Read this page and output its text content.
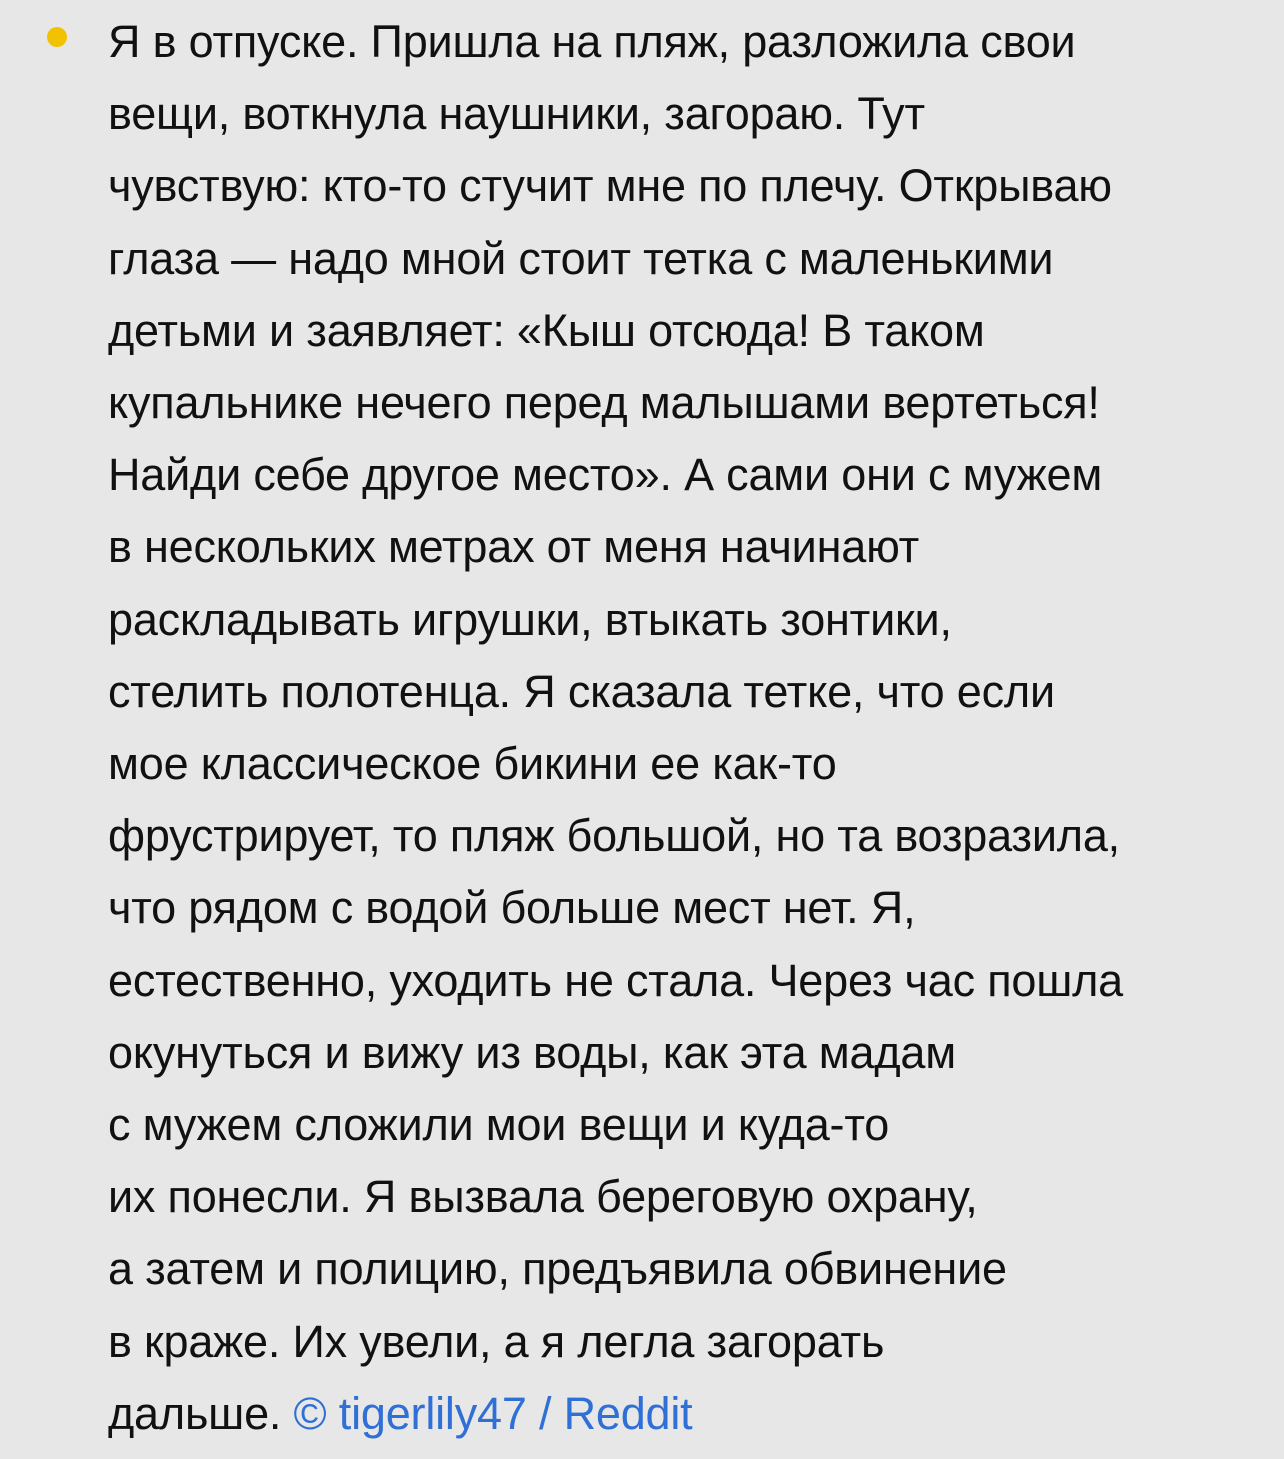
Я в отпуске. Пришла на пляж, разложила свои
вещи, воткнула наушники, загораю. Тут
чувствую: кто-то стучит мне по плечу. Открываю
глаза — надо мной стоит тетка с маленькими
детьми и заявляет: «Кыш отсюда! В таком
купальнике нечего перед малышами вертеться!
Найди себе другое место». А сами они с мужем
в нескольких метрах от меня начинают
раскладывать игрушки, втыкать зонтики,
стелить полотенца. Я сказала тетке, что если
мое классическое бикини ее как-то
фрустрирует, то пляж большой, но та возразила,
что рядом с водой больше мест нет. Я,
естественно, уходить не стала. Через час пошла
окунуться и вижу из воды, как эта мадам
с мужем сложили мои вещи и куда-то
их понесли. Я вызвала береговую охрану,
а затем и полицию, предъявила обвинение
в краже. Их увели, а я легла загорать
дальше. © tigerlily47 / Reddit
